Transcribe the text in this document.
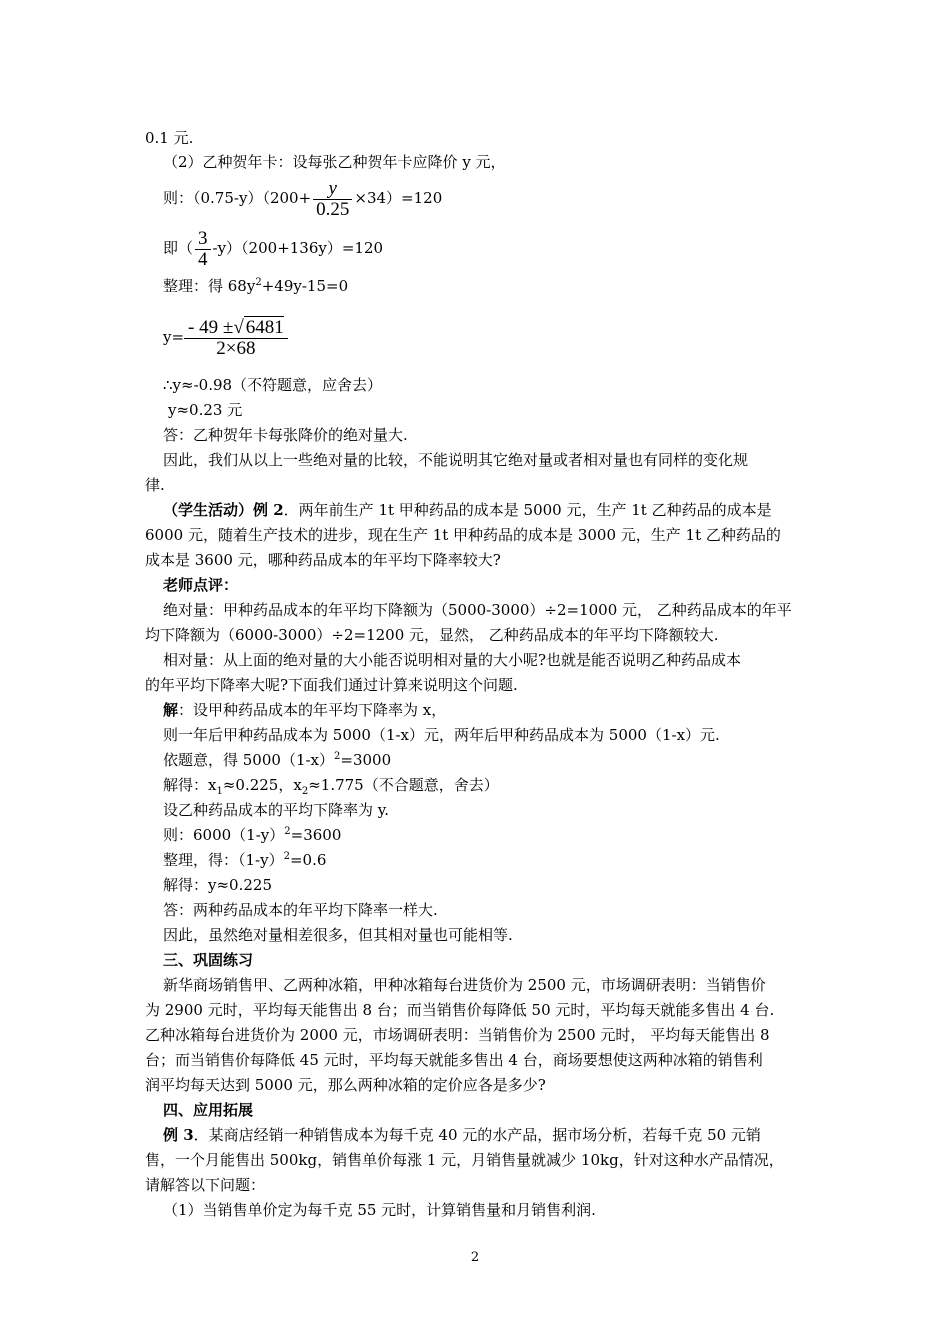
0.1 元.
（2）乙种贺年卡：设每张乙种贺年卡应降价 y 元，
则：$(0.75-y)(200+ \frac{y}{0.25} \times 34)=120$
即（ $\frac{3}{4} -y)(200+136y)=120$
整理：得 $68y^2+49y-15=0$
$y= \frac{- 49 \pm√ 6481}{2\times 68}$
∴y≈-0.98（不符题意，应舍去）
y≈0.23 元
答：乙种贺年卡每张降价的绝对量大.
因此，我们从以上一些绝对量的比较，不能说明其它绝对量或者相对量也有同样的变化规
律.
（学生活动）例 2．两年前生产 1t 甲种药品的成本是 5000 元，生产 1t 乙种药品的成本是
6000 元，随着生产技术的进步，现在生产 1t 甲种药品的成本是 3000 元，生产 1t 乙种药品的
成本是 3600 元，哪种药品成本的年平均下降率较大?
老师点评：
绝对量：甲种药品成本的年平均下降额为（5000-3000）÷2=1000 元， 乙种药品成本的年平
均下降额为（6000-3000）÷2=1200 元，显然， 乙种药品成本的年平均下降额较大.
相对量：从上面的绝对量的大小能否说明相对量的大小呢?也就是能否说明乙种药品成本
的年平均下降率大呢?下面我们通过计算来说明这个问题.
解：设甲种药品成本的年平均下降率为 x，
则一年后甲种药品成本为 5000（1-x）元，两年后甲种药品成本为 5000（1-x）元.
依题意，得 $5000(1-x)^2=3000$
解得：$x_1\approx 0.225$，$x_2\approx 1.775$（不合题意，舍去）
设乙种药品成本的平均下降率为 y.
则：$6000(1-y)^2=3600$
整理，得：$(1-y)^2=0.6$
解得：y≈0.225
答：两种药品成本的年平均下降率一样大.
因此，虽然绝对量相差很多，但其相对量也可能相等.
三、巩固练习
新华商场销售甲、乙两种冰箱，甲种冰箱每台进货价为 2500 元，市场调研表明：当销售价
为 2900 元时，平均每天能售出 8 台；而当销售价每降低 50 元时，平均每天就能多售出 4 台.
乙种冰箱每台进货价为 2000 元，市场调研表明：当销售价为 2500 元时， 平均每天能售出 8
台；而当销售价每降低 45 元时，平均每天就能多售出 4 台，商场要想使这两种冰箱的销售利
润平均每天达到 5000 元，那么两种冰箱的定价应各是多少?
四、应用拓展
例 3．某商店经销一种销售成本为每千克 40 元的水产品，据市场分析，若每千克 50 元销
售，一个月能售出 500kg，销售单价每涨 1 元，月销售量就减少 10kg，针对这种水产品情况，
请解答以下问题：
（1）当销售单价定为每千克 55 元时，计算销售量和月销售利润.
2
